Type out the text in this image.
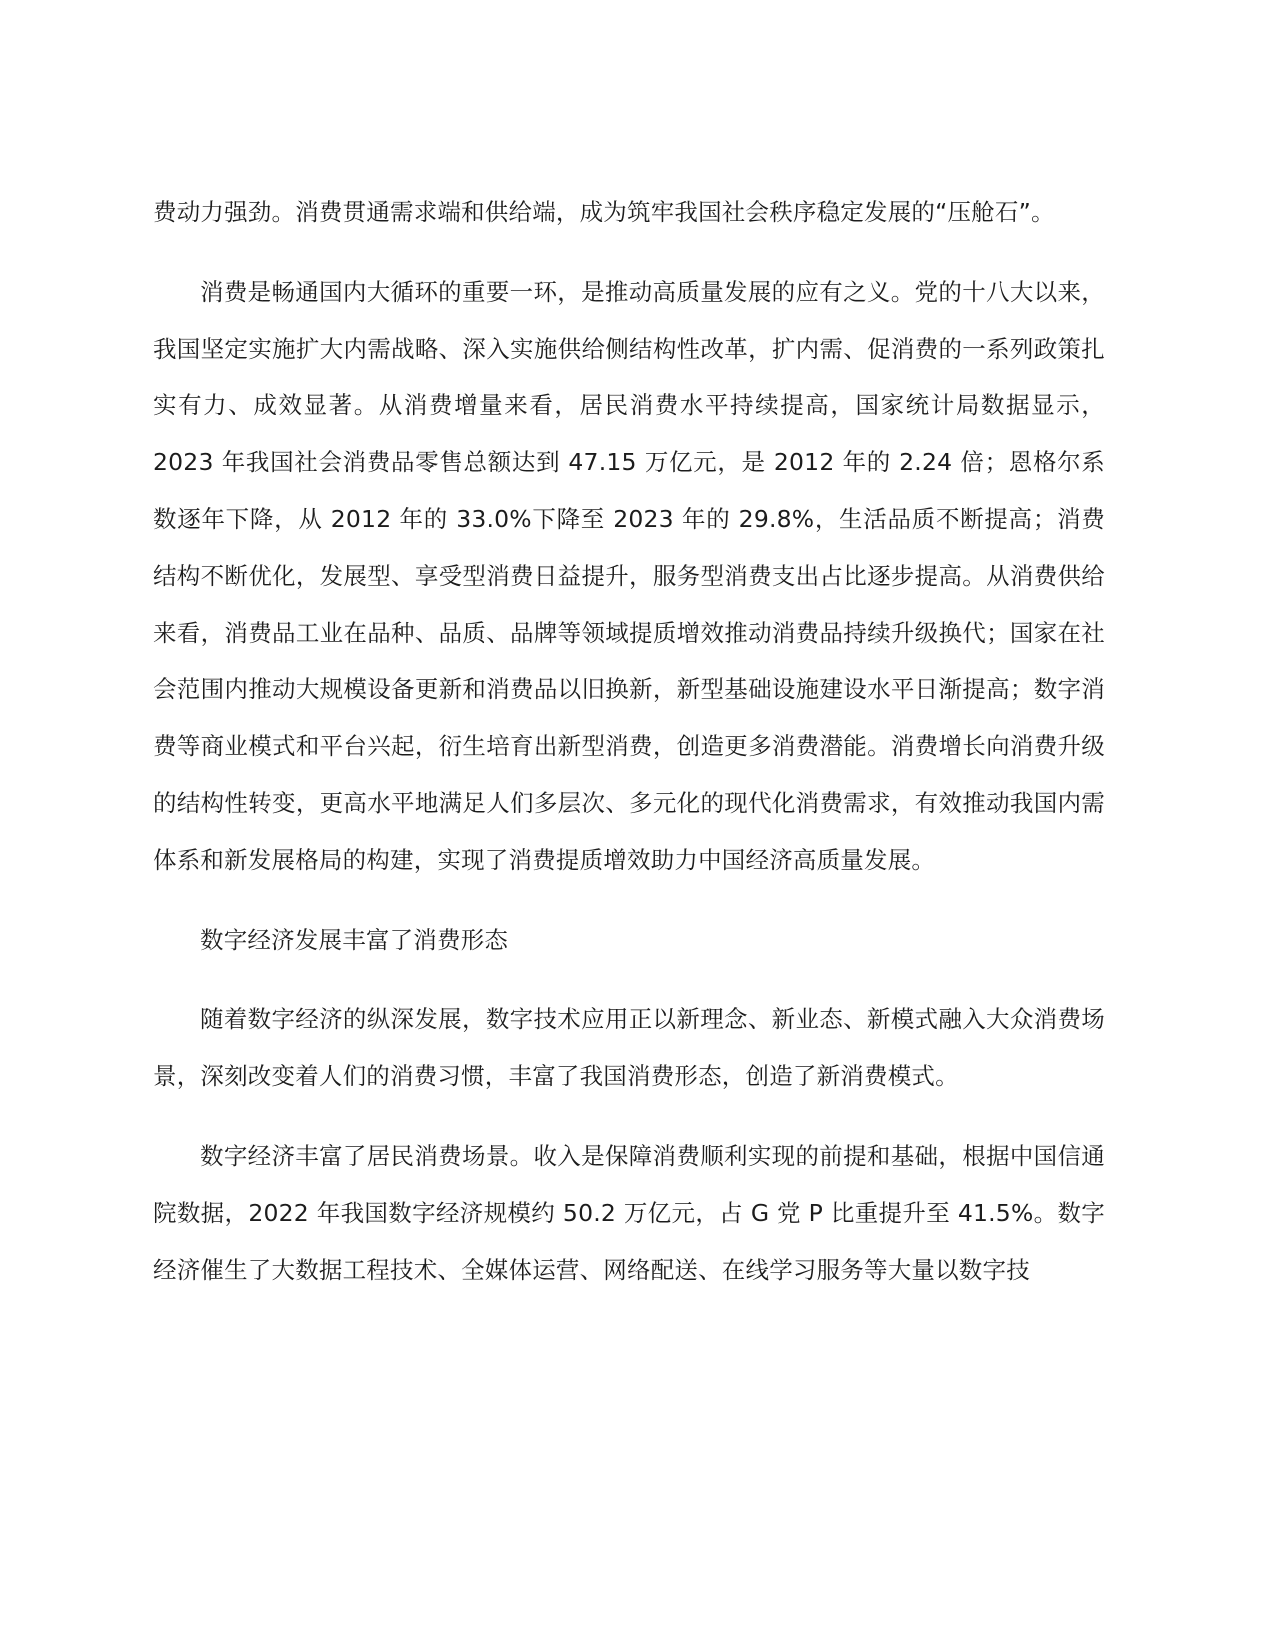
费动力强劲。消费贯通需求端和供给端，成为筑牢我国社会秩序稳定发展的“压舱石”。

消费是畅通国内大循环的重要一环，是推动高质量发展的应有之义。党的十八大以来，我国坚定实施扩大内需战略、深入实施供给侧结构性改革，扩内需、促消费的一系列政策扎实有力、成效显著。从消费增量来看，居民消费水平持续提高，国家统计局数据显示，2023 年我国社会消费品零售总额达到 47.15 万亿元，是 2012 年的 2.24 倍；恩格尔系数逐年下降，从 2012 年的 33.0%下降至 2023 年的 29.8%，生活品质不断提高；消费结构不断优化，发展型、享受型消费日益提升，服务型消费支出占比逐步提高。从消费供给来看，消费品工业在品种、品质、品牌等领域提质增效推动消费品持续升级换代；国家在社会范围内推动大规模设备更新和消费品以旧换新，新型基础设施建设水平日渐提高；数字消费等商业模式和平台兴起，衍生培育出新型消费，创造更多消费潜能。消费增长向消费升级的结构性转变，更高水平地满足人们多层次、多元化的现代化消费需求，有效推动我国内需体系和新发展格局的构建，实现了消费提质增效助力中国经济高质量发展。

数字经济发展丰富了消费形态

随着数字经济的纵深发展，数字技术应用正以新理念、新业态、新模式融入大众消费场景，深刻改变着人们的消费习惯，丰富了我国消费形态，创造了新消费模式。

数字经济丰富了居民消费场景。收入是保障消费顺利实现的前提和基础，根据中国信通院数据，2022 年我国数字经济规模约 50.2 万亿元，占 G 党 P 比重提升至 41.5%。数字经济催生了大数据工程技术、全媒体运营、网络配送、在线学习服务等大量以数字技
